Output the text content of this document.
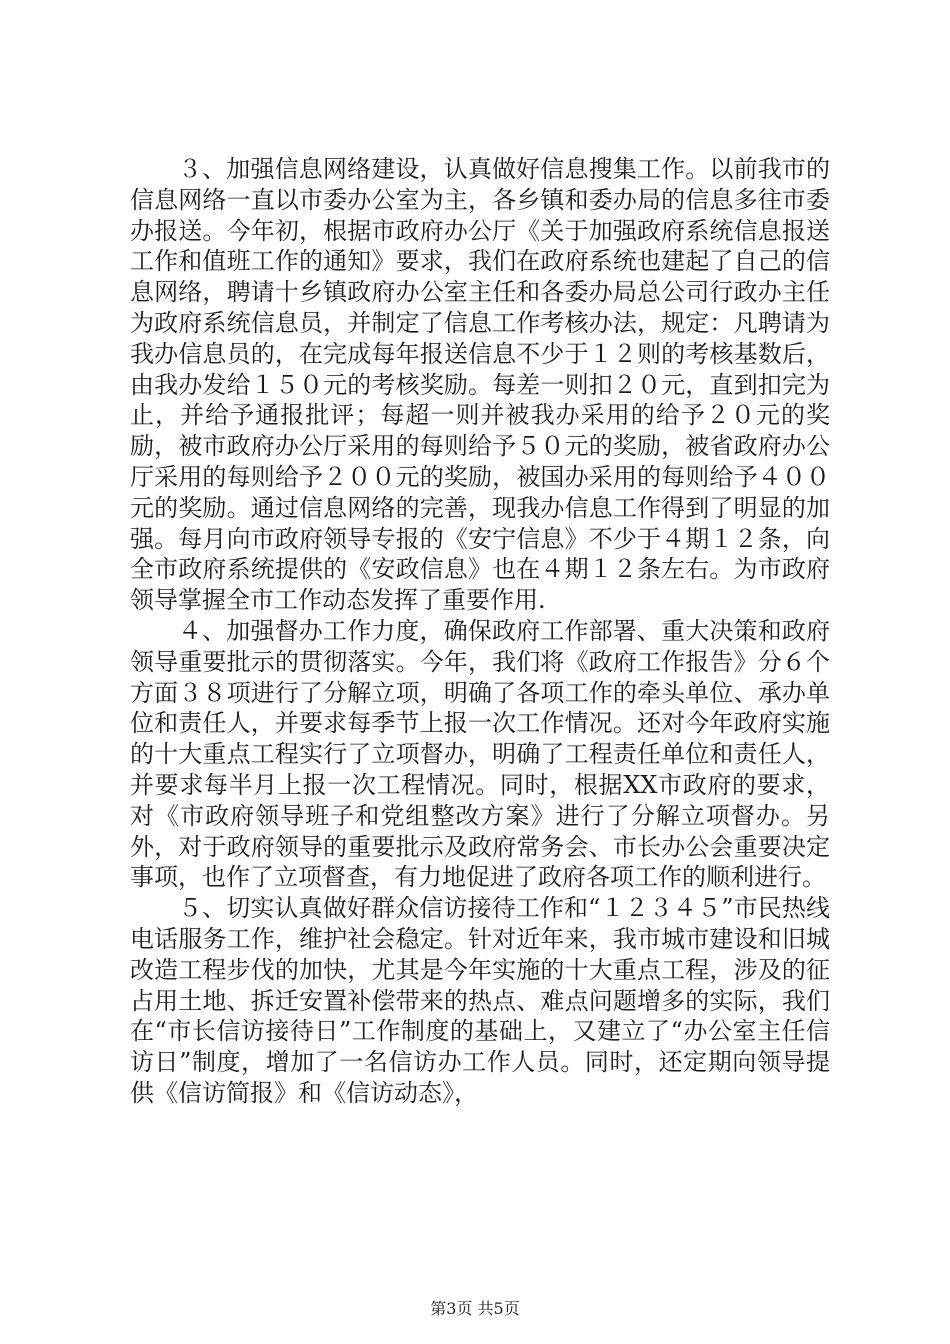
３、加强信息网络建设，认真做好信息搜集工作。以前我市的信息网络一直以市委办公室为主，各乡镇和委办局的信息多往市委办报送。今年初，根据市政府办公厅《关于加强政府系统信息报送工作和值班工作的通知》要求，我们在政府系统也建起了自己的信息网络，聘请十乡镇政府办公室主任和各委办局总公司行政办主任为政府系统信息员，并制定了信息工作考核办法，规定：凡聘请为我办信息员的，在完成每年报送信息不少于１２则的考核基数后，由我办发给１５０元的考核奖励。每差一则扣２０元，直到扣完为止，并给予通报批评；每超一则并被我办采用的给予２０元的奖励，被市政府办公厅采用的每则给予５０元的奖励，被省政府办公厅采用的每则给予２００元的奖励，被国办采用的每则给予４００元的奖励。通过信息网络的完善，现我办信息工作得到了明显的加强。每月向市政府领导专报的《安宁信息》不少于４期１２条，向全市政府系统提供的《安政信息》也在４期１２条左右。为市政府领导掌握全市工作动态发挥了重要作用.

４、加强督办工作力度，确保政府工作部署、重大决策和政府领导重要批示的贯彻落实。今年，我们将《政府工作报告》分６个方面３８项进行了分解立项，明确了各项工作的牵头单位、承办单位和责任人，并要求每季节上报一次工作情况。还对今年政府实施的十大重点工程实行了立项督办，明确了工程责任单位和责任人，并要求每半月上报一次工程情况。同时，根据XX市政府的要求，对《市政府领导班子和党组整改方案》进行了分解立项督办。另外，对于政府领导的重要批示及政府常务会、市长办公会重要决定事项，也作了立项督查，有力地促进了政府各项工作的顺利进行。

５、切实认真做好群众信访接待工作和“１２３４５”市民热线电话服务工作，维护社会稳定。针对近年来，我市城市建设和旧城改造工程步伐的加快，尤其是今年实施的十大重点工程，涉及的征占用土地、拆迁安置补偿带来的热点、难点问题增多的实际，我们在“市长信访接待日”工作制度的基础上，又建立了“办公室主任信访日”制度，增加了一名信访办工作人员。同时，还定期向领导提供《信访简报》和《信访动态》，

第3页 共5页
